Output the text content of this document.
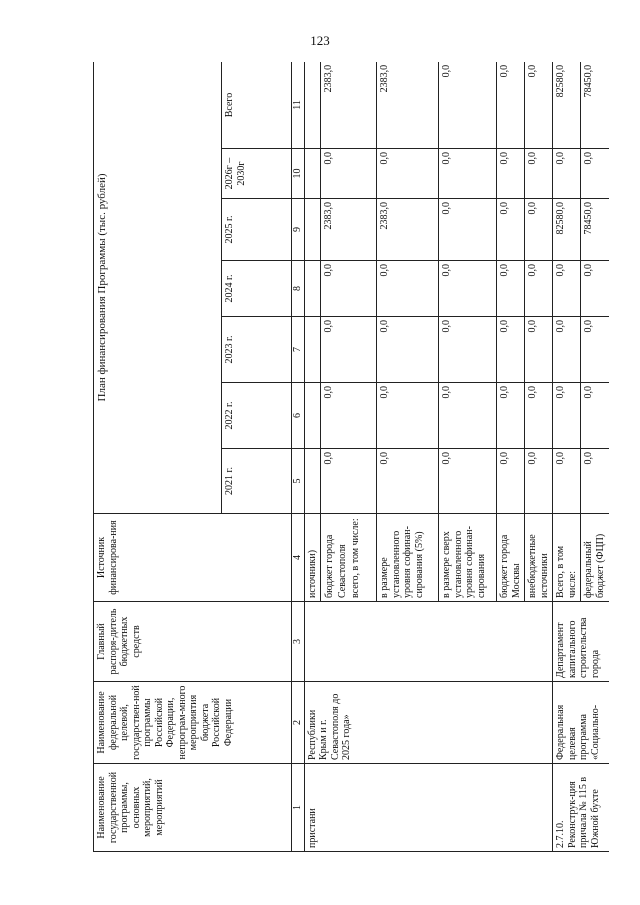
123
Наименование государственной программы, основных мероприятий, мероприятий	Наименование федеральной целевой, государствен-ной программы Российской Федерации, непрограм-много мероприятия бюджета Российской Федерации	Главный распоря-дитель бюджетных средств	Источник финансирова-ния	План финансирования Программы (тыс. рублей)						
				2021 г.	2022 г.	2023 г.	2024 г.	2025 г.	2026г – 2030г	Всего
1	2	3	4	5	6	7	8	9	10	11
пристани	Республики Крым и г. Севастополя до 2025 года»		источники)							
			бюджет города Севастополя всего, в том числе:	0,0	0,0	0,0	0,0	2383,0	0,0	2383,0
			в размере установленного уровня софинан-сирования (5%)	0,0	0,0	0,0	0,0	2383,0	0,0	2383,0
			в размере сверх установленного уровня софинан-сирования	0,0	0,0	0,0	0,0	0,0	0,0	0,0
			бюджет города Москвы	0,0	0,0	0,0	0,0	0,0	0,0	0,0
			внебюджетные источники	0,0	0,0	0,0	0,0	0,0	0,0	0,0
2.7.10. Реконструк-ция причала № 115 в Южной бухте	Федеральная целевая программа «Социально-	Департамент капитального строительства города	Всего, в том числе:	0,0	0,0	0,0	0,0	82580,0	0,0	82580,0
			федеральный бюджет (ФЦП)	0,0	0,0	0,0	0,0	78450,0	0,0	78450,0
